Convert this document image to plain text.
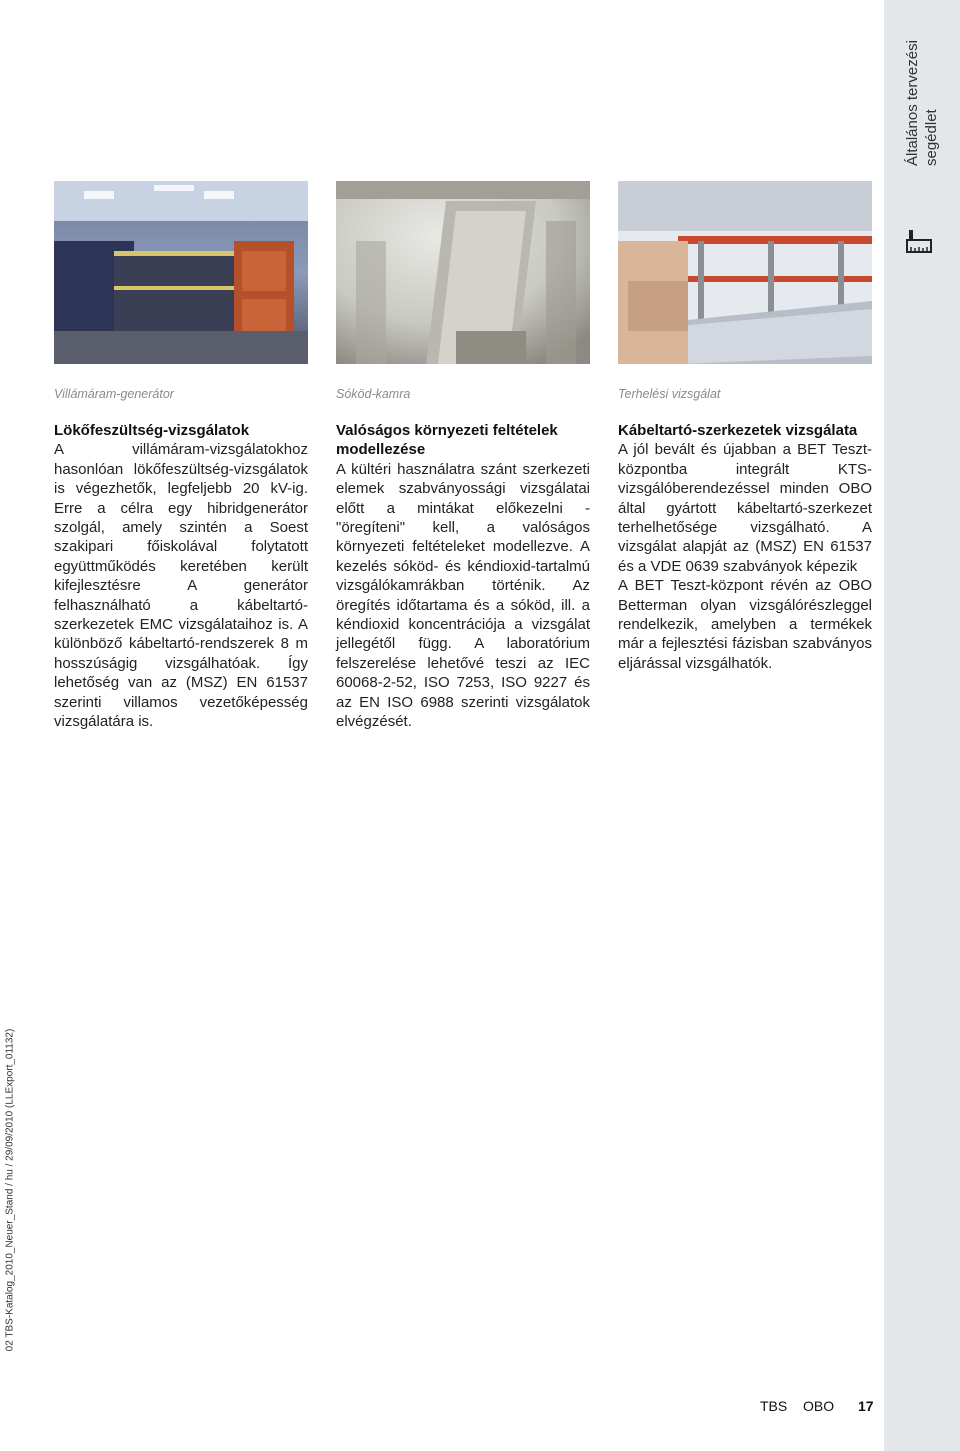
Általános tervezési segédlet
Villámáram-generátor	Sóköd-kamra	Terhelési vizsgálat
Lökőfeszültség-vizsgálatok

A villámáram-vizsgálatokhoz hasonlóan lökőfeszültség-vizsgálatok is végezhetők, legfeljebb 20 kV-ig. Erre a célra egy hibridgenerátor szolgál, amely szintén a Soest szakipari főiskolával folytatott együttműködés keretében került kifejlesztésre A generátor felhasználható a kábeltartó-szerkezetek EMC vizsgálataihoz is. A különböző kábeltartó-rendszerek 8 m hosszúságig vizsgálhatóak. Így lehetőség van az (MSZ) EN 61537 szerinti villamos vezetőképesség vizsgálatára is.

Valóságos környezeti feltételek modellezése

A kültéri használatra szánt szerkezeti elemek szabványossági vizsgálatai előtt a mintákat előkezelni - "öregíteni" kell, a valóságos környezeti feltételeket modellezve. A kezelés sóköd- és kéndioxid-tartalmú vizsgálókamrákban történik. Az öregítés időtartama és a sóköd, ill. a kéndioxid koncentrációja a vizsgálat jellegétől függ. A laboratórium felszerelése lehetővé teszi az IEC 60068-2-52, ISO 7253, ISO 9227 és az EN ISO 6988 szerinti vizsgálatok elvégzését.

Kábeltartó-szerkezetek vizsgálata

A jól bevált és újabban a BET Teszt-központba integrált KTS-vizsgálóberendezéssel minden OBO által gyártott kábeltartó-szerkezet terhelhetősége vizsgálható. A vizsgálat alapját az (MSZ) EN 61537 és a VDE 0639 szabványok képezik

A BET Teszt-központ révén az OBO Betterman olyan vizsgálórészleggel rendelkezik, amelyben a termékek már a fejlesztési fázisban szabványos eljárással vizsgálhatók.

02 TBS-Katalog_2010_Neuer_Stand / hu / 29/09/2010 (LLExport_01132)
TBS OBO 17
